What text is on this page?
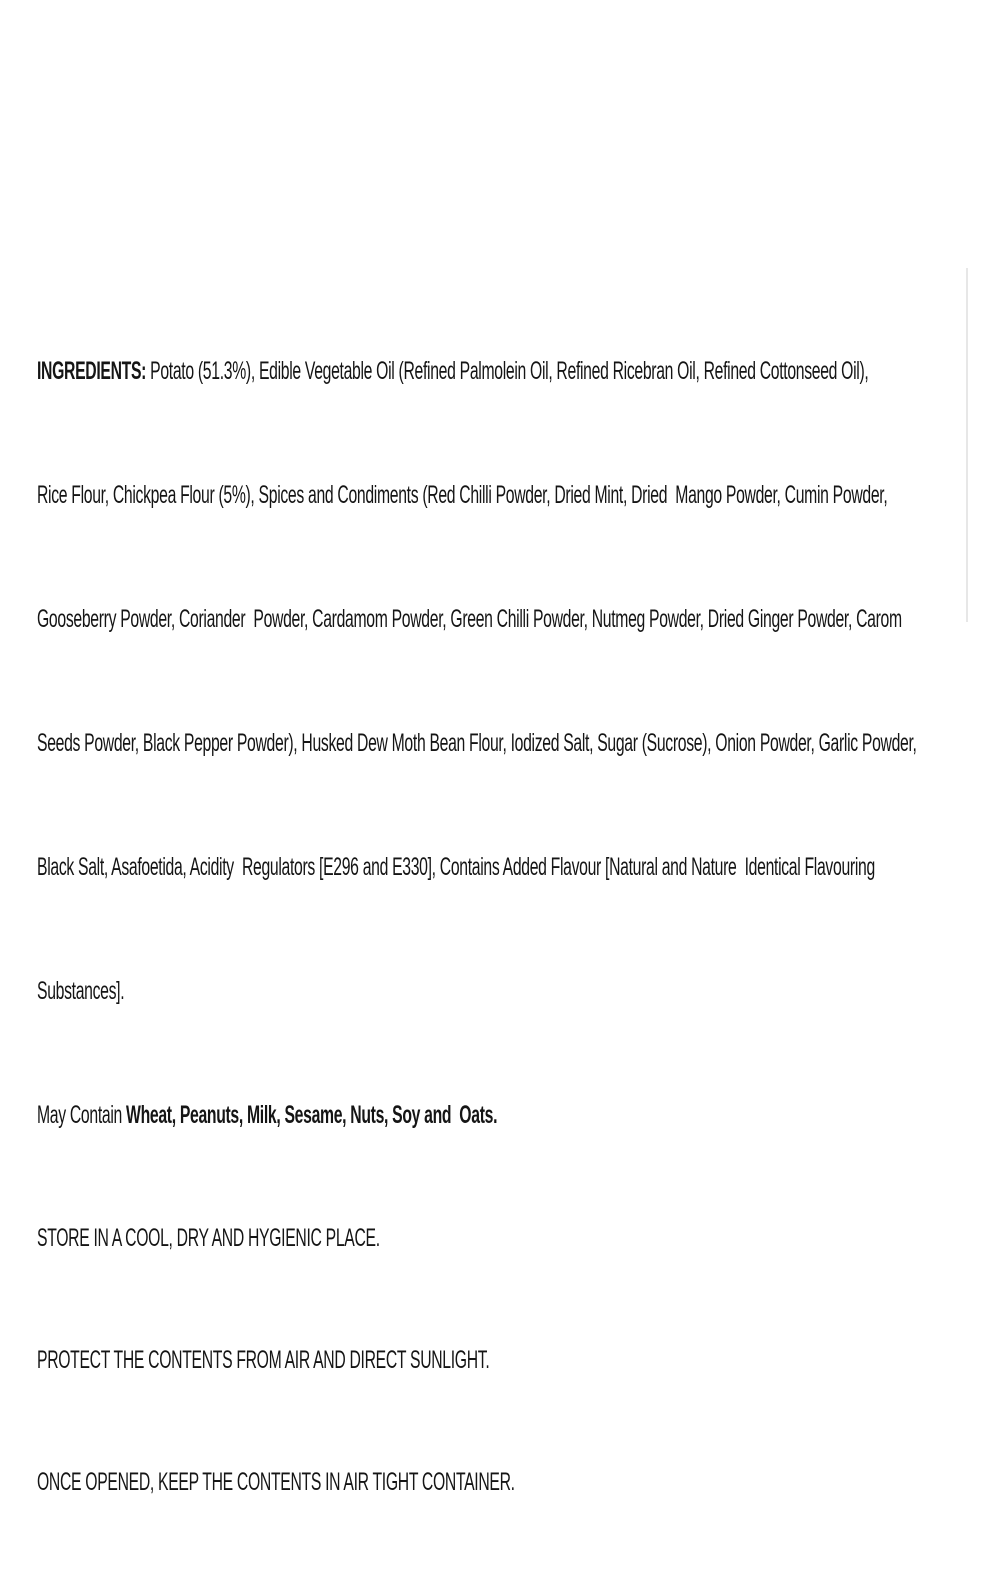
INGREDIENTS: Potato (51.3%), Edible Vegetable Oil (Refined Palmolein Oil, Refined Ricebran Oil, Refined Cottonseed Oil),

Rice Flour, Chickpea Flour (5%), Spices and Condiments (Red Chilli Powder, Dried Mint, Dried  Mango Powder, Cumin Powder,

Gooseberry Powder, Coriander  Powder, Cardamom Powder, Green Chilli Powder, Nutmeg Powder, Dried Ginger Powder, Carom

Seeds Powder, Black Pepper Powder), Husked Dew Moth Bean Flour, Iodized Salt, Sugar (Sucrose), Onion Powder, Garlic Powder,

Black Salt, Asafoetida, Acidity  Regulators [E296 and E330], Contains Added Flavour [Natural and Nature  Identical Flavouring

Substances].

May Contain Wheat, Peanuts, Milk, Sesame, Nuts, Soy and  Oats.

STORE IN A COOL, DRY AND HYGIENIC PLACE.

PROTECT THE CONTENTS FROM AIR AND DIRECT SUNLIGHT.

ONCE OPENED, KEEP THE CONTENTS IN AIR TIGHT CONTAINER.
